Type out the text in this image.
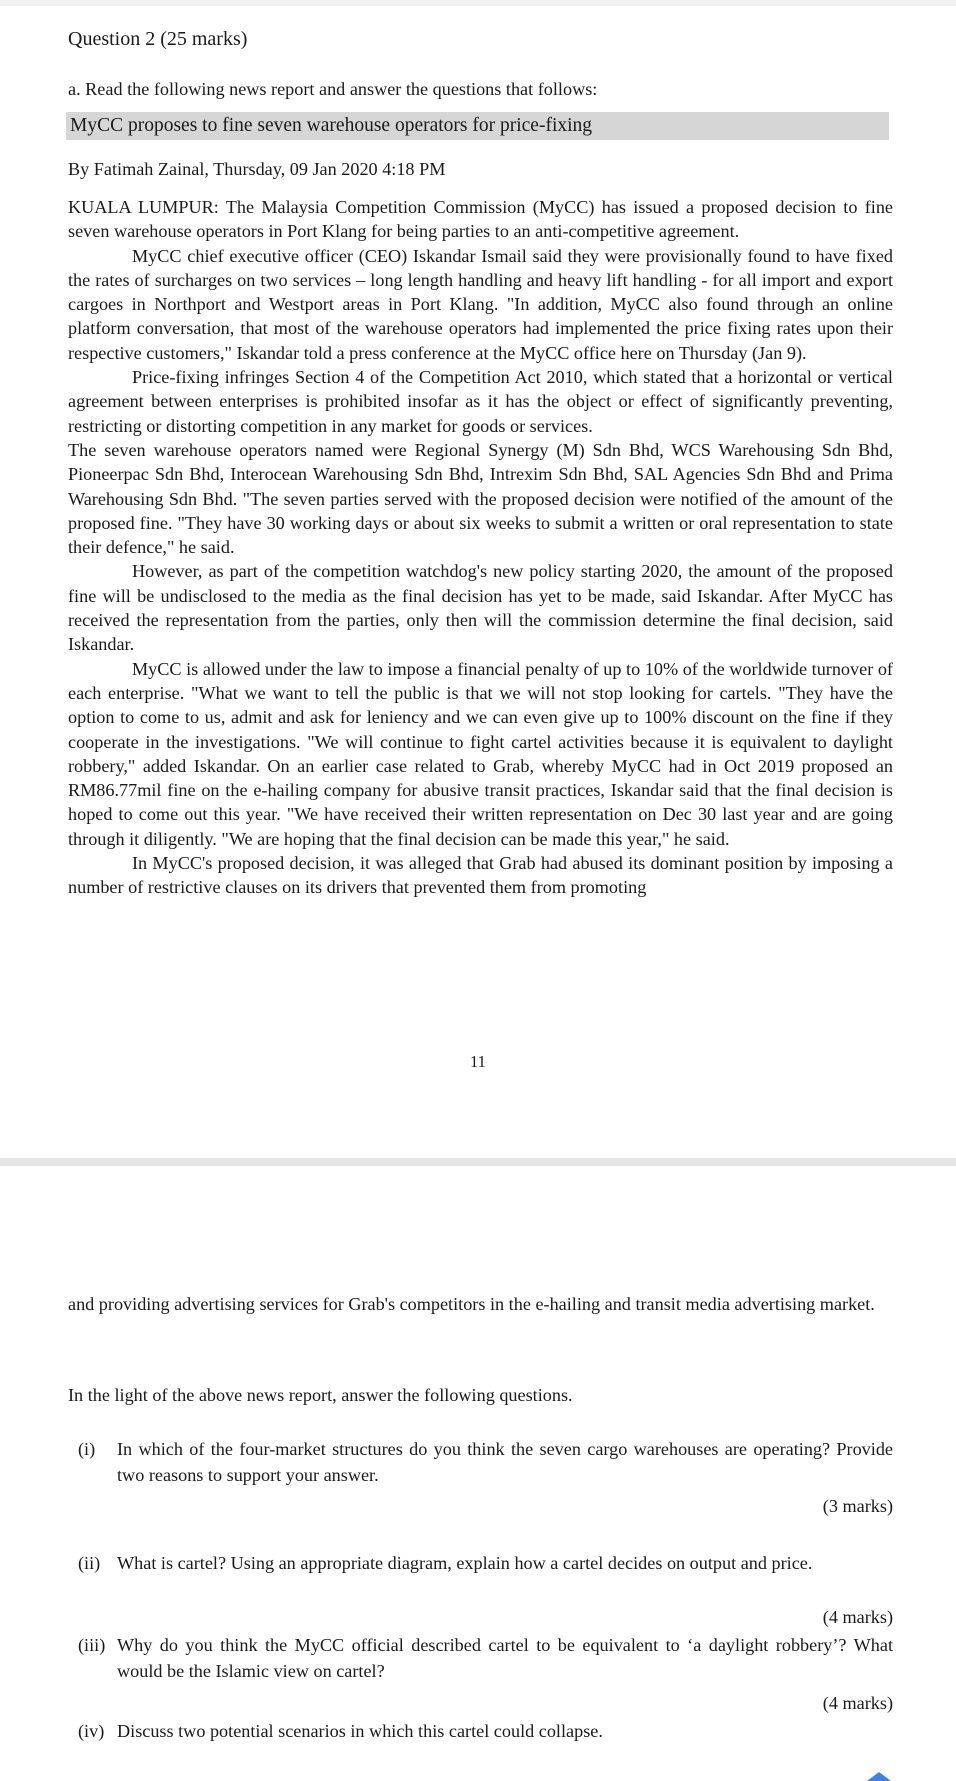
Question 2 (25 marks)
a. Read the following news report and answer the questions that follows:
MyCC proposes to fine seven warehouse operators for price-fixing
By Fatimah Zainal, Thursday, 09 Jan 2020 4:18 PM

KUALA LUMPUR: The Malaysia Competition Commission (MyCC) has issued a proposed decision to fine seven warehouse operators in Port Klang for being parties to an anti-competitive agreement.

MyCC chief executive officer (CEO) Iskandar Ismail said they were provisionally found to have fixed the rates of surcharges on two services – long length handling and heavy lift handling - for all import and export cargoes in Northport and Westport areas in Port Klang. "In addition, MyCC also found through an online platform conversation, that most of the warehouse operators had implemented the price fixing rates upon their respective customers," Iskandar told a press conference at the MyCC office here on Thursday (Jan 9).

Price-fixing infringes Section 4 of the Competition Act 2010, which stated that a horizontal or vertical agreement between enterprises is prohibited insofar as it has the object or effect of significantly preventing, restricting or distorting competition in any market for goods or services.

The seven warehouse operators named were Regional Synergy (M) Sdn Bhd, WCS Warehousing Sdn Bhd, Pioneerpac Sdn Bhd, Interocean Warehousing Sdn Bhd, Intrexim Sdn Bhd, SAL Agencies Sdn Bhd and Prima Warehousing Sdn Bhd. "The seven parties served with the proposed decision were notified of the amount of the proposed fine. "They have 30 working days or about six weeks to submit a written or oral representation to state their defence," he said.

However, as part of the competition watchdog's new policy starting 2020, the amount of the proposed fine will be undisclosed to the media as the final decision has yet to be made, said Iskandar. After MyCC has received the representation from the parties, only then will the commission determine the final decision, said Iskandar.

MyCC is allowed under the law to impose a financial penalty of up to 10% of the worldwide turnover of each enterprise. "What we want to tell the public is that we will not stop looking for cartels. "They have the option to come to us, admit and ask for leniency and we can even give up to 100% discount on the fine if they cooperate in the investigations. "We will continue to fight cartel activities because it is equivalent to daylight robbery," added Iskandar. On an earlier case related to Grab, whereby MyCC had in Oct 2019 proposed an RM86.77mil fine on the e-hailing company for abusive transit practices, Iskandar said that the final decision is hoped to come out this year. "We have received their written representation on Dec 30 last year and are going through it diligently. "We are hoping that the final decision can be made this year," he said.

In MyCC's proposed decision, it was alleged that Grab had abused its dominant position by imposing a number of restrictive clauses on its drivers that prevented them from promoting

11

and providing advertising services for Grab's competitors in the e-hailing and transit media advertising market.

In the light of the above news report, answer the following questions.
(i) In which of the four-market structures do you think the seven cargo warehouses are operating? Provide two reasons to support your answer.
(3 marks)
(ii) What is cartel? Using an appropriate diagram, explain how a cartel decides on output and price.
(4 marks)
(iii) Why do you think the MyCC official described cartel to be equivalent to ‘a daylight robbery’? What would be the Islamic view on cartel?
(4 marks)
(iv) Discuss two potential scenarios in which this cartel could collapse.
